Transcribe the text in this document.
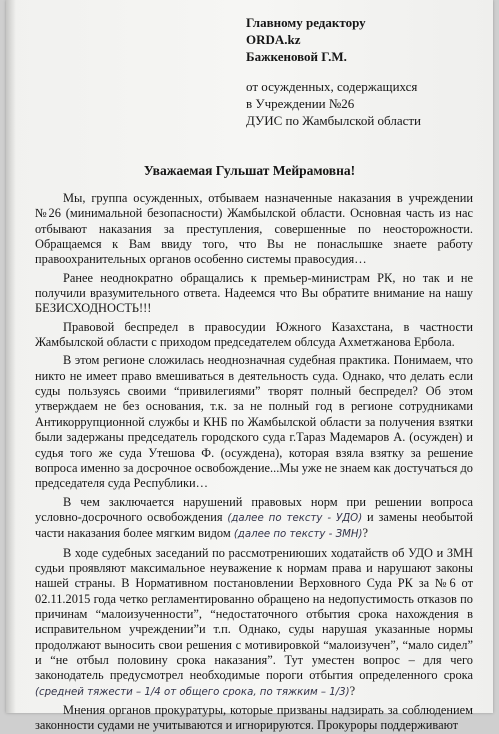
Главному редактору
ORDA.kz
Бажкеновой Г.М.
от осужденных, содержащихся
в Учреждении №26
ДУИС по Жамбылской области
Уважаемая Гульшат Мейрамовна!

Мы, группа осужденных, отбываем назначенные наказания в учреждении №26 (минимальной безопасности) Жамбылской области. Основная часть из нас отбывают наказания за преступления, совершенные по неосторожности. Обращаемся к Вам ввиду того, что Вы не понаслышке знаете работу правоохранительных органов особенно системы правосудия…

Ранее неоднократно обращались к премьер-министрам РК, но так и не получили вразумительного ответа. Надеемся что Вы обратите внимание на нашу БЕЗИСХОДНОСТЬ!!!

Правовой беспредел в правосудии Южного Казахстана, в частности Жамбылской области с приходом председателем облсуда Ахметжанова Ербола.

В этом регионе сложилась неоднозначная судебная практика. Понимаем, что никто не имеет право вмешиваться в деятельность суда. Однако, что делать если суды пользуясь своими “привилегиями” творят полный беспредел? Об этом утверждаем не без основания, т.к. за не полный год в регионе сотрудниками Антикоррупционной службы и КНБ по Жамбылской области за получения взятки были задержаны председатель городского суда г.Тараз Мадемаров А. (осужден) и судья того же суда Утешова Ф. (осуждена), которая взяла взятку за решение вопроса именно за досрочное освобождение...Мы уже не знаем как достучаться до председателя суда Республики…

В чем заключается нарушений правовых норм при решении вопроса условно-досрочного освобождения (далее по тексту - УДО) и замены необытой части наказания более мягким видом (далее по тексту - ЗМН)?

В ходе судебных заседаний по рассмотрениюших ходатайств об УДО и ЗМН судьи проявляют максимальное неуважение к нормам права и нарушают законы нашей страны. В Нормативном постановлении Верховного Суда РК за №6 от 02.11.2015 года четко регламентированно обращено на недопустимость отказов по причинам “малоизученности”, “недостаточного отбытия срока нахождения в исправительном учреждении”и т.п. Однако, суды нарушая указанные нормы продолжают выносить свои решения с мотивировкой “малоизучен”, “мало сидел” и “не отбыл половину срока наказания”. Тут уместен вопрос – для чего законодатель предусмотрел необходимые пороги отбытия определенного срока (средней тяжести – 1/4 от общего срока, по тяжким – 1/3)?

Мнения органов прокуратуры, которые призваны надзирать за соблюдением законности судами не учитываются и игнорируются. Прокуроры поддерживают
